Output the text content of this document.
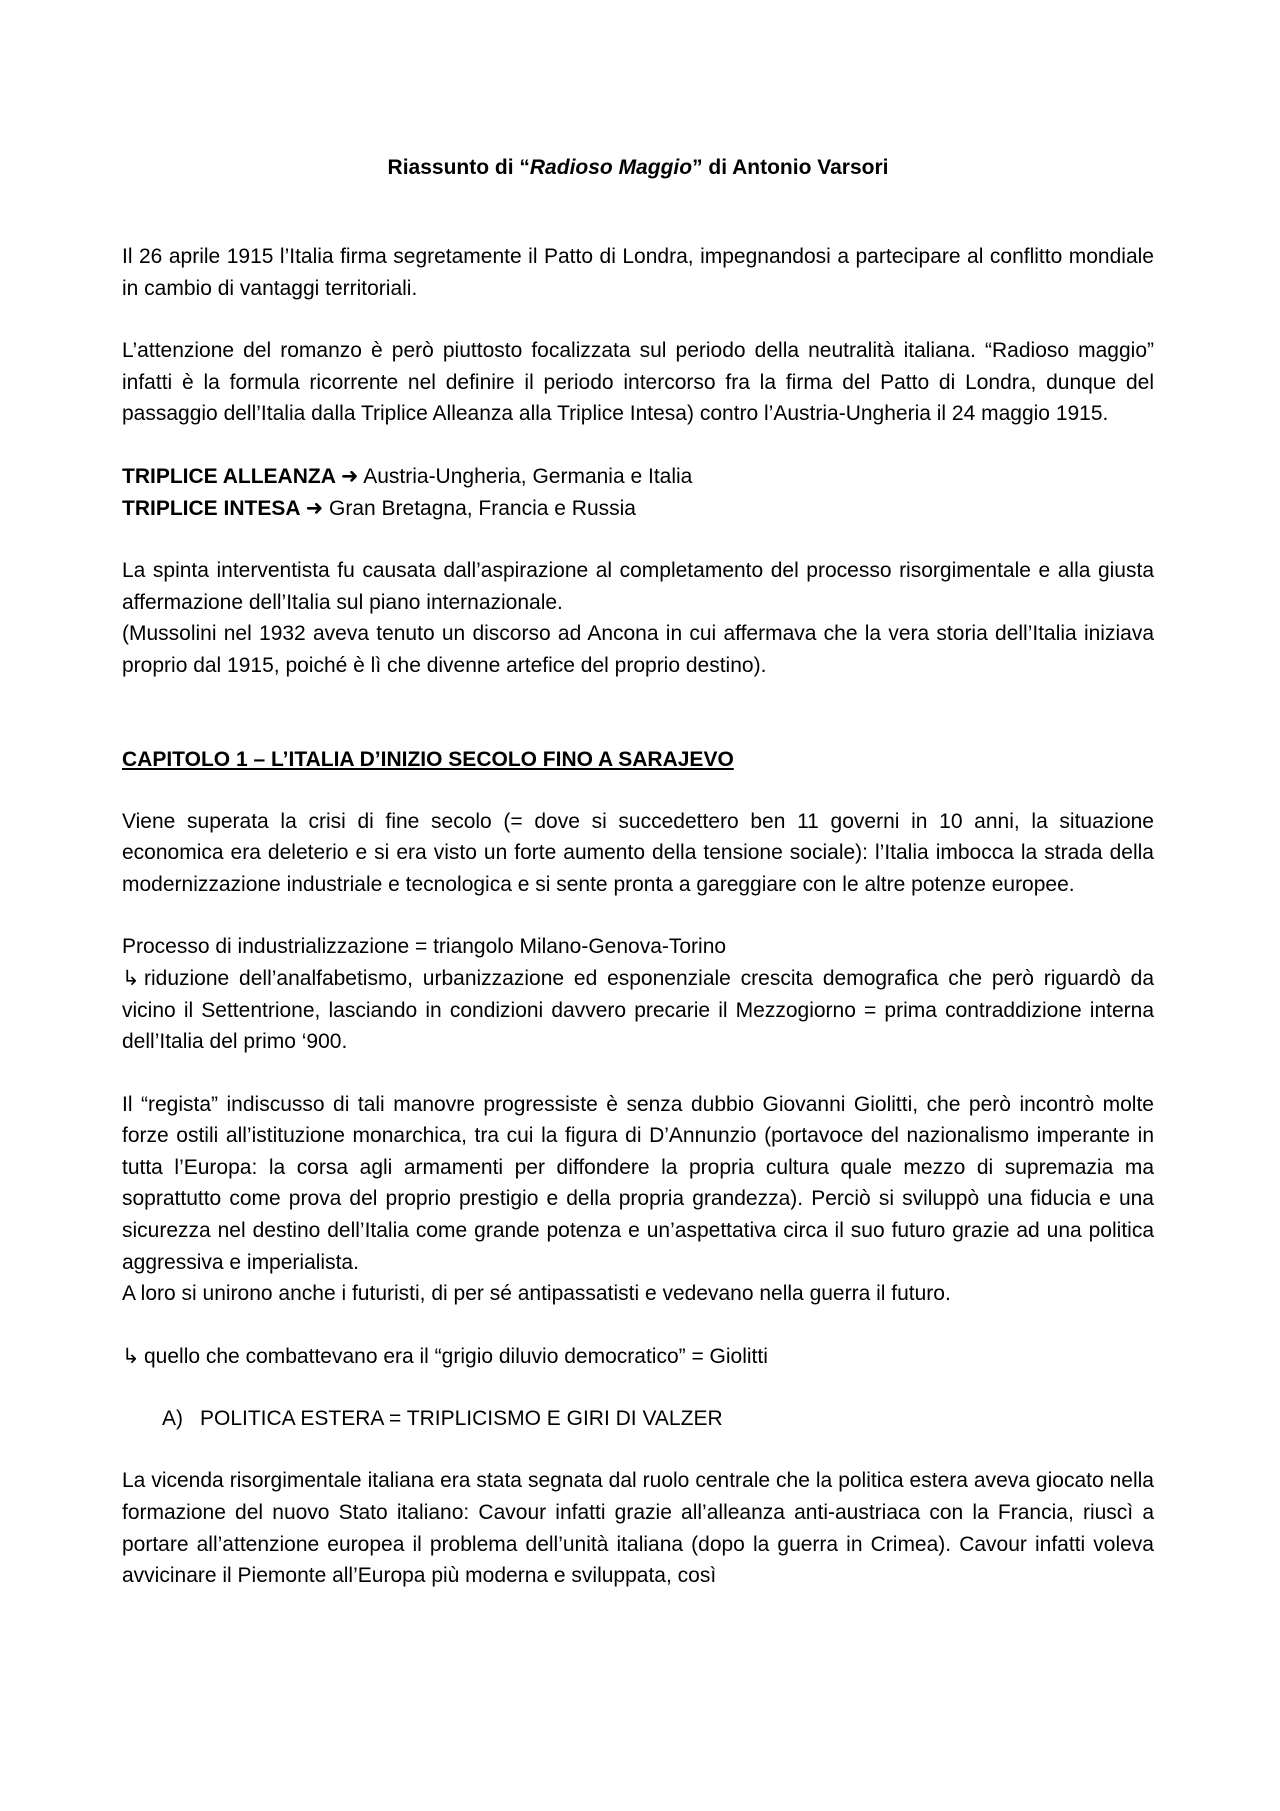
Riassunto di “Radioso Maggio” di Antonio Varsori

Il 26 aprile 1915 l’Italia firma segretamente il Patto di Londra, impegnandosi a partecipare al conflitto mondiale in cambio di vantaggi territoriali.

L’attenzione del romanzo è però piuttosto focalizzata sul periodo della neutralità italiana. “Radioso maggio” infatti è la formula ricorrente nel definire il periodo intercorso fra la firma del Patto di Londra, dunque del passaggio dell’Italia dalla Triplice Alleanza alla Triplice Intesa) contro l’Austria-Ungheria il 24 maggio 1915.

TRIPLICE ALLEANZA ➜ Austria-Ungheria, Germania e Italia

TRIPLICE INTESA ➜ Gran Bretagna, Francia e Russia

La spinta interventista fu causata dall’aspirazione al completamento del processo risorgimentale e alla giusta affermazione dell’Italia sul piano internazionale.

(Mussolini nel 1932 aveva tenuto un discorso ad Ancona in cui affermava che la vera storia dell’Italia iniziava proprio dal 1915, poiché è lì che divenne artefice del proprio destino).

CAPITOLO 1 – L’ITALIA D’INIZIO SECOLO FINO A SARAJEVO

Viene superata la crisi di fine secolo (= dove si succedettero ben 11 governi in 10 anni, la situazione economica era deleterio e si era visto un forte aumento della tensione sociale): l’Italia imbocca la strada della modernizzazione industriale e tecnologica e si sente pronta a gareggiare con le altre potenze europee.

Processo di industrializzazione = triangolo Milano-Genova-Torino

↳ riduzione dell’analfabetismo, urbanizzazione ed esponenziale crescita demografica che però riguardò da vicino il Settentrione, lasciando in condizioni davvero precarie il Mezzogiorno = prima contraddizione interna dell’Italia del primo ‘900.

Il “regista” indiscusso di tali manovre progressiste è senza dubbio Giovanni Giolitti, che però incontrò molte forze ostili all’istituzione monarchica, tra cui la figura di D’Annunzio (portavoce del nazionalismo imperante in tutta l’Europa: la corsa agli armamenti per diffondere la propria cultura quale mezzo di supremazia ma soprattutto come prova del proprio prestigio e della propria grandezza). Perciò si sviluppò una fiducia e una sicurezza nel destino dell’Italia come grande potenza e un’aspettativa circa il suo futuro grazie ad una politica aggressiva e imperialista.

A loro si unirono anche i futuristi, di per sé antipassatisti e vedevano nella guerra il futuro.

↳ quello che combattevano era il “grigio diluvio democratico” = Giolitti

A) POLITICA ESTERA = TRIPLICISMO E GIRI DI VALZER

La vicenda risorgimentale italiana era stata segnata dal ruolo centrale che la politica estera aveva giocato nella formazione del nuovo Stato italiano: Cavour infatti grazie all’alleanza anti-austriaca con la Francia, riuscì a portare all’attenzione europea il problema dell’unità italiana (dopo la guerra in Crimea). Cavour infatti voleva avvicinare il Piemonte all’Europa più moderna e sviluppata, così
